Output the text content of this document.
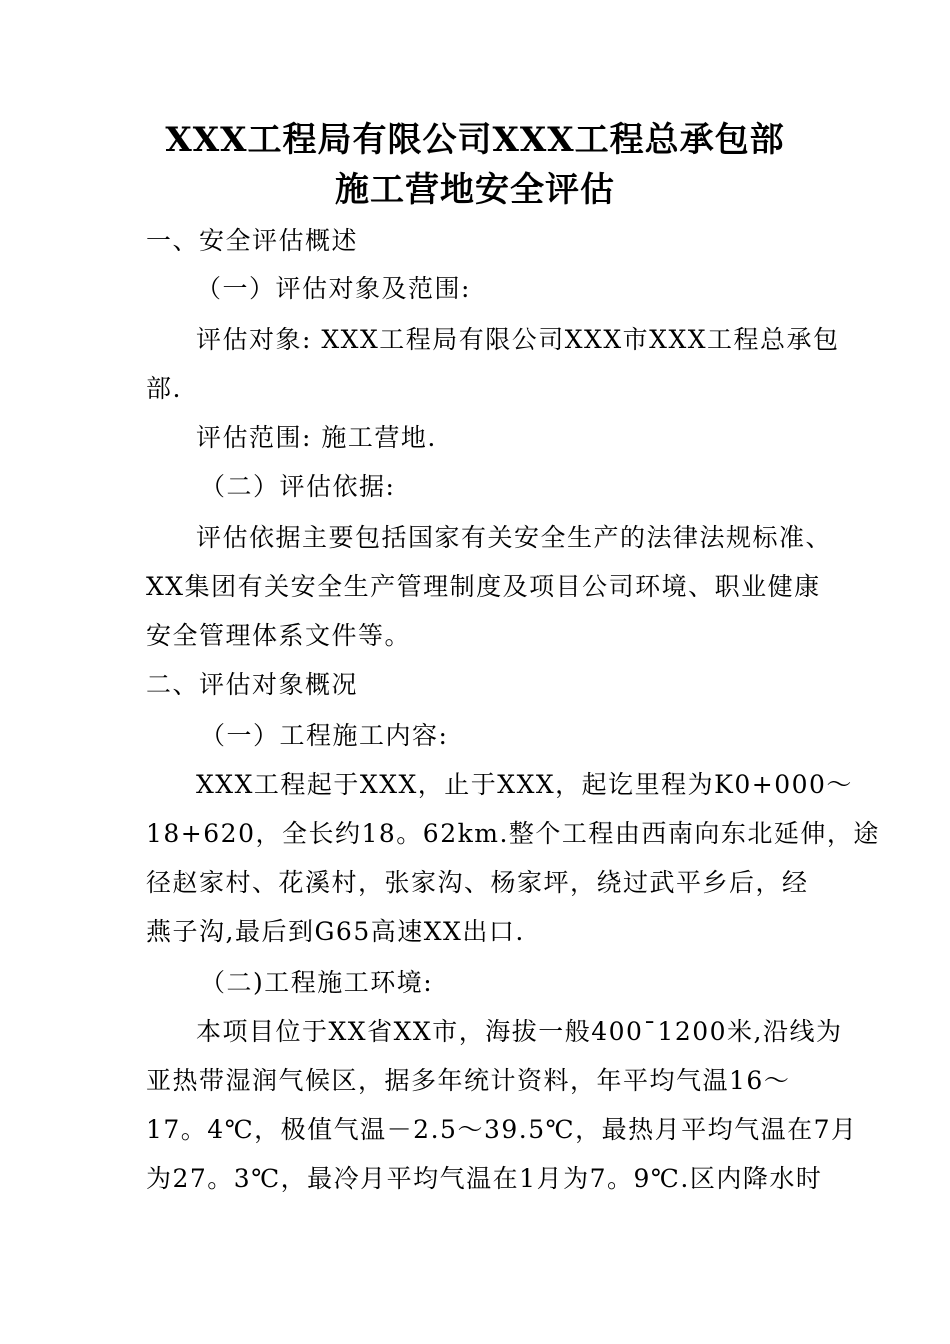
XXX工程局有限公司XXX工程总承包部
施工营地安全评估
一、安全评估概述
（一）评估对象及范围:
评估对象: XXX工程局有限公司XXX市XXX工程总承包
部.
评估范围: 施工营地.
（二）评估依据:
评估依据主要包括国家有关安全生产的法律法规标准、
XX集团有关安全生产管理制度及项目公司环境、职业健康
安全管理体系文件等。
二、评估对象概况
（一）工程施工内容:
XXX工程起于XXX，止于XXX，起讫里程为K0+000～
18+620，全长约18。62km.整个工程由西南向东北延伸，途
径赵家村、花溪村，张家沟、杨家坪，绕过武平乡后，经
燕子沟,最后到G65高速XX出口.
（二)工程施工环境:
本项目位于XX省XX市，海拔一般400¯1200米,沿线为
亚热带湿润气候区，据多年统计资料，年平均气温16～
17。4℃，极值气温－2.5～39.5℃，最热月平均气温在7月
为27。3℃，最冷月平均气温在1月为7。9℃.区内降水时
